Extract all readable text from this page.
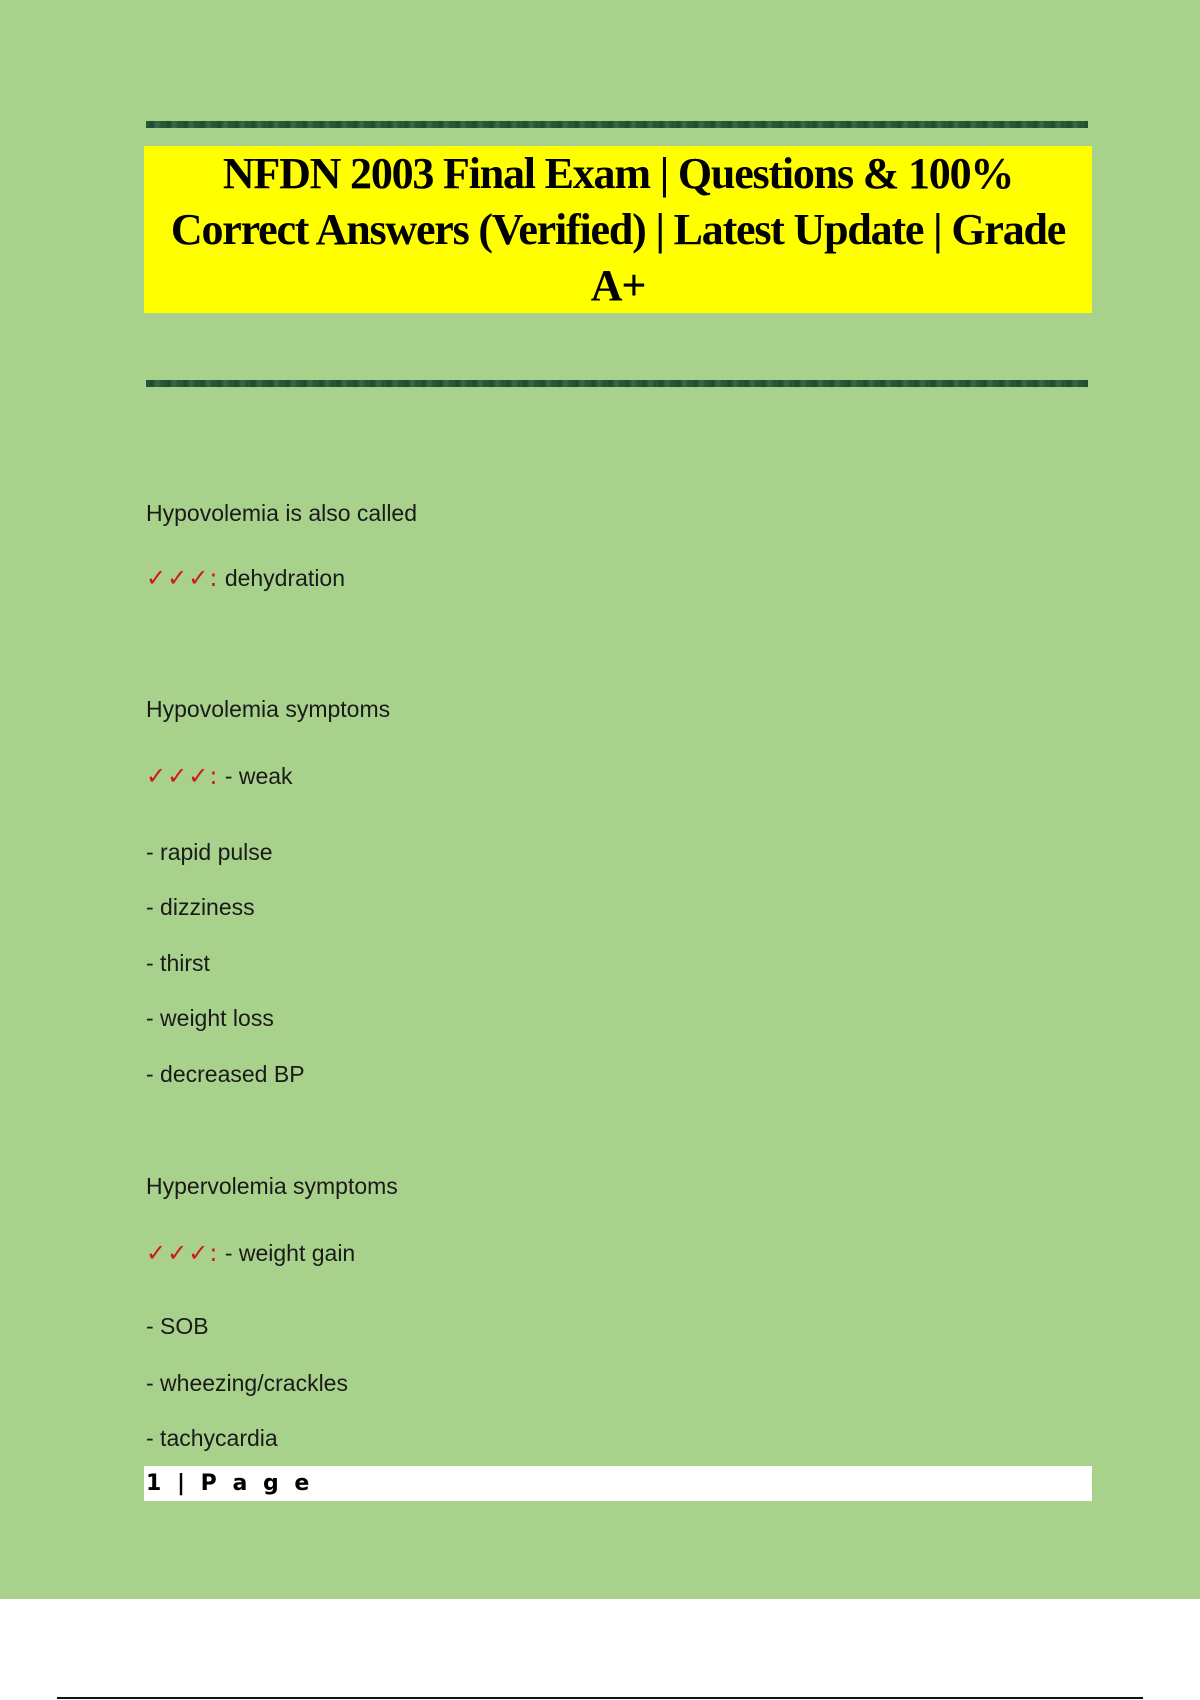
NFDN 2003 Final Exam | Questions & 100% Correct Answers (Verified) | Latest Update | Grade A+
Hypovolemia is also called
✓✓✓: dehydration
Hypovolemia symptoms
✓✓✓: - weak
- rapid pulse
- dizziness
- thirst
- weight loss
- decreased BP
Hypervolemia symptoms
✓✓✓: - weight gain
- SOB
- wheezing/crackles
- tachycardia
1 | P a g e
